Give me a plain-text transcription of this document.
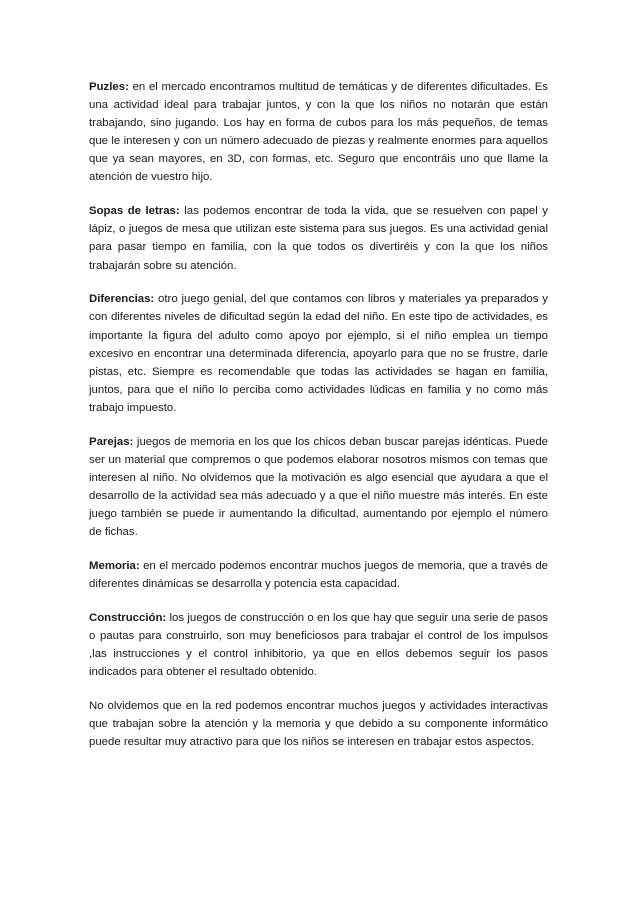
Puzles: en el mercado encontramos multitud de temáticas y de diferentes dificultades. Es una actividad ideal para trabajar juntos, y con la que los niños no notarán que están trabajando, sino jugando. Los hay en forma de cubos para los más pequeños, de temas que le interesen y con un número adecuado de piezas y realmente enormes para aquellos que ya sean mayores, en 3D, con formas, etc. Seguro que encontráis uno que llame la atención de vuestro hijo.

Sopas de letras: las podemos encontrar de toda la vida, que se resuelven con papel y lápiz, o juegos de mesa que utilizan este sistema para sus juegos. Es una actividad genial para pasar tiempo en familia, con la que todos os divertiréis y con la que los niños trabajarán sobre su atención.

Diferencias: otro juego genial, del que contamos con libros y materiales ya preparados y con diferentes niveles de dificultad según la edad del niño. En este tipo de actividades, es importante la figura del adulto como apoyo por ejemplo, si el niño emplea un tiempo excesivo en encontrar una determinada diferencia, apoyarlo para que no se frustre, darle pistas, etc. Siempre es recomendable que todas las actividades se hagan en familia, juntos, para que el niño lo perciba como actividades lúdicas en familia y no como más trabajo impuesto.

Parejas: juegos de memoria en los que los chicos deban buscar parejas idénticas. Puede ser un material que compremos o que podemos elaborar nosotros mismos con temas que interesen al niño. No olvidemos que la motivación es algo esencial que ayudara a que el desarrollo de la actividad sea más adecuado y a que el niño muestre más interés. En este juego también se puede ir aumentando la dificultad, aumentando por ejemplo el número de fichas.

Memoria: en el mercado podemos encontrar muchos juegos de memoria, que a través de diferentes dinámicas se desarrolla y potencia esta capacidad.

Construcción: los juegos de construcción o en los que hay que seguir una serie de pasos o pautas para construirlo, son muy beneficiosos para trabajar el control de los impulsos ,las instrucciones y el control inhibitorio, ya que en ellos debemos seguir los pasos indicados para obtener el resultado obtenido.

No olvidemos que en la red podemos encontrar muchos juegos y actividades interactivas que trabajan sobre la atención y la memoria y que debido a su componente informático puede resultar muy atractivo para que los niños se interesen en trabajar estos aspectos.
